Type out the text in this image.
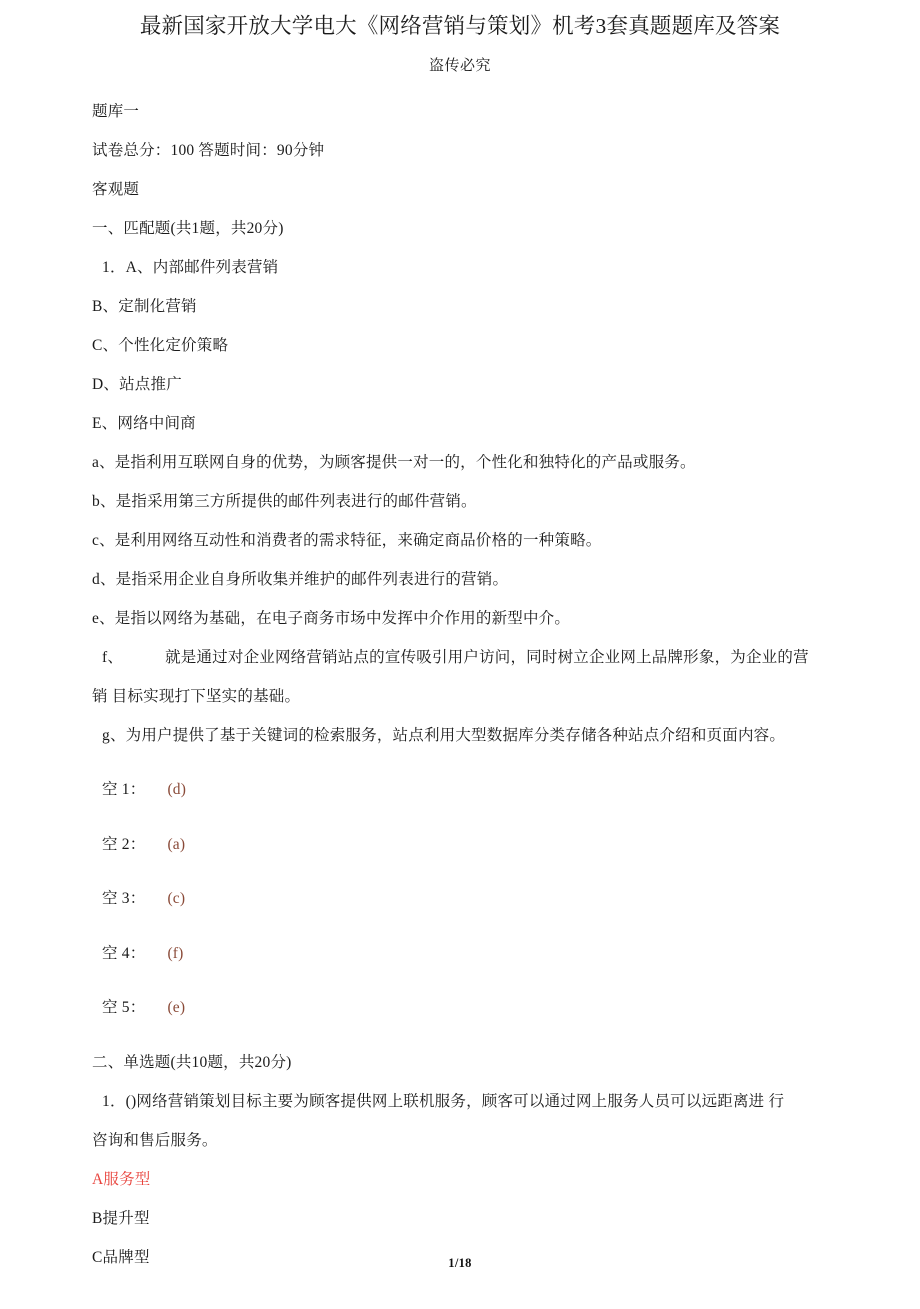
最新国家开放大学电大《网络营销与策划》机考3套真题题库及答案
盗传必究

题库一

试卷总分：100 答题时间：90分钟

客观题

一、匹配题(共1题，共20分)

1．A、内部邮件列表营销

B、定制化营销

C、个性化定价策略

D、站点推广

E、网络中间商

a、是指利用互联网自身的优势，为顾客提供一对一的，个性化和独特化的产品或服务。

b、是指采用第三方所提供的邮件列表进行的邮件营销。

c、是利用网络互动性和消费者的需求特征，来确定商品价格的一种策略。

d、是指采用企业自身所收集并维护的邮件列表进行的营销。

e、是指以网络为基础，在电子商务市场中发挥中介作用的新型中介。

f、	就是通过对企业网络营销站点的宣传吸引用户访问，同时树立企业网上品牌形象，为企业的营

销 目标实现打下坚实的基础。

g、为用户提供了基于关键词的检索服务，站点利用大型数据库分类存储各种站点介绍和页面内容。

空 1： (d)

空 2： (a)

空 3： (c)

空 4： (f)

空 5： (e)

二、单选题(共10题，共20分)

1．()网络营销策划目标主要为顾客提供网上联机服务，顾客可以通过网上服务人员可以远距离进 行

咨询和售后服务。

A服务型

B提升型

C品牌型	1/18
